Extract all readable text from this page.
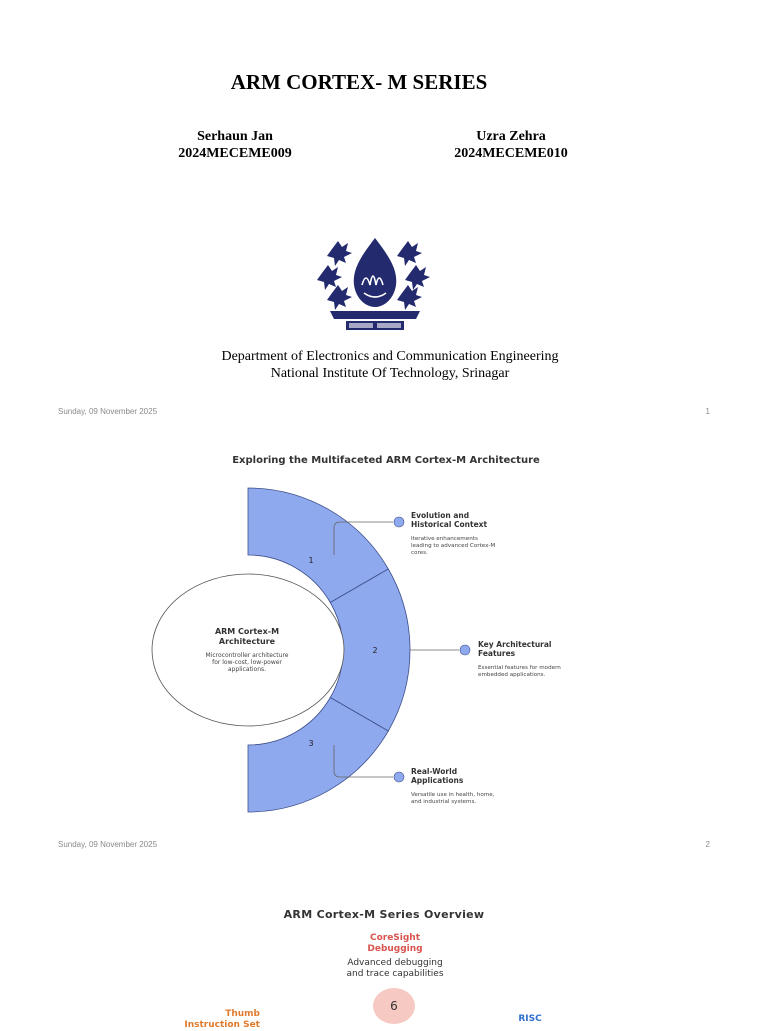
ARM CORTEX- M SERIES
Serhaun Jan
2024MECEME009
Uzra Zehra
2024MECEME010
Department of Electronics and Communication Engineering
National Institute Of Technology, Srinagar
Sunday, 09 November 2025	1
Exploring the Multifaceted ARM Cortex-M Architecture
ARM Cortex-M
Architecture
Microcontroller architecture
for low-cost, low-power
applications.
1
2
3
Evolution and
Historical Context
Iterative enhancements
leading to advanced Cortex-M
cores.
Key Architectural
Features
Essential features for modern
embedded applications.
Real-World
Applications
Versatile use in health, home,
and industrial systems.
Sunday, 09 November 2025	2
ARM Cortex-M Series Overview
CoreSight
Debugging
Advanced debugging
and trace capabilities
6
Thumb
Instruction Set
RISC
